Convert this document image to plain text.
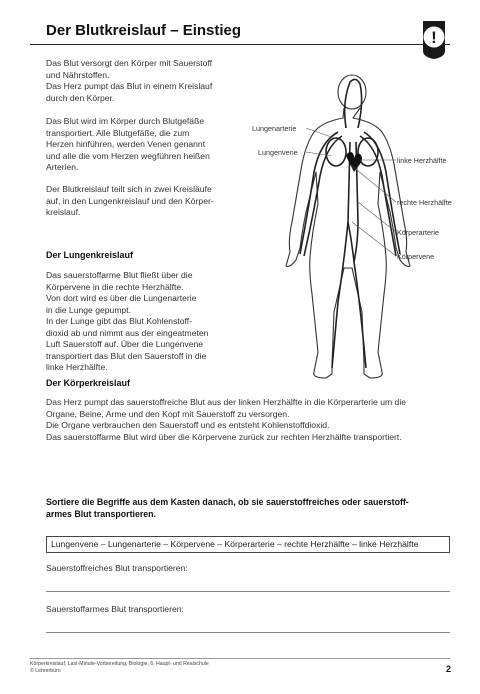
Der Blutkreislauf – Einstieg	!

Das Blut versorgt den Körper mit Sauerstoff

und Nährstoffen.

Das Herz pumpt das Blut in einem Kreislauf

durch den Körper.

Das Blut wird im Körper durch Blutgefäße

transportiert. Alle Blutgefäße, die zum

Herzen hinführen, werden Venen genannt

und alle die vom Herzen wegführen heißen

Arterien.

Der Blutkreislauf teilt sich in zwei Kreisläufe

auf, in den Lungenkreislauf und den Körper-

kreislauf.

Der Lungenkreislauf

Das sauerstoffarme Blut fließt über die

Körpervene in die rechte Herzhälfte.

Von dort wird es über die Lungenarterie

in die Lunge gepumpt.

In der Lunge gibt das Blut Kohlenstoff-

dioxid ab und nimmt aus der eingeatmeten

Luft Sauerstoff auf. Über die Lungenvene

transportiert das Blut den Sauerstoff in die

linke Herzhälfte.

Lungenarterie
Lungenvene
linke Herzhälfte
rechte Herzhälfte
Körperarterie
Körpervene
Der Körperkreislauf

Das Herz pumpt das sauerstoffreiche Blut aus der linken Herzhälfte in die Körperarterie um die

Organe, Beine, Arme und den Kopf mit Sauerstoff zu versorgen.

Die Organe verbrauchen den Sauerstoff und es entsteht Kohlenstoffdioxid.

Das sauerstoffarme Blut wird über die Körpervene zurück zur rechten Herzhälfte transportiert.

Sortiere die Begriffe aus dem Kasten danach, ob sie sauerstoffreiches oder sauerstoff-
armes Blut transportieren.
Lungenvene – Lungenarterie – Körpervene – Körperarterie – rechte Herzhälfte – linke Herzhälfte
Sauerstoffreiches Blut transportieren:
Sauerstoffarmes Blut transportieren:
Körperkreislauf, Last-Minute-Vorbereitung, Biologie, 6. Haupt- und Realschule
© Lehrerbüro	2
